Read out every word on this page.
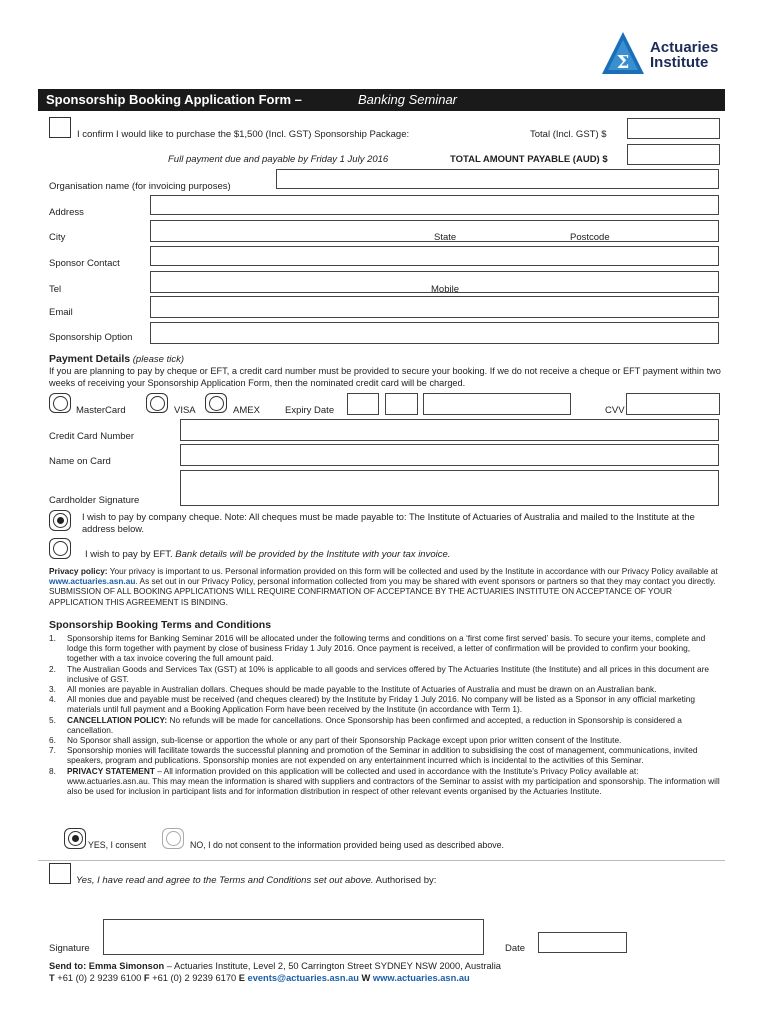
Σ
Actuaries
Institute
Sponsorship Booking Application Form –	Banking Seminar
I confirm I would like to purchase the $1,500 (Incl. GST) Sponsorship Package:	Total (Incl. GST) $
Full payment due and payable by Friday 1 July 2016	TOTAL AMOUNT PAYABLE (AUD) $
Organisation name (for invoicing purposes)
Address
City	State	Postcode
Sponsor Contact
Tel	Mobile
Email
Sponsorship Option
Payment Details (please tick)
If you are planning to pay by cheque or EFT, a credit card number must be provided to secure your booking. If we do not receive a cheque or EFT payment within two weeks of receiving your Sponsorship Application Form, then the nominated credit card will be charged.
MasterCard	VISA	AMEX	Expiry Date	CVV
Credit Card Number
Name on Card
Cardholder Signature
I wish to pay by company cheque. Note: All cheques must be made payable to: The Institute of Actuaries of Australia and mailed to the Institute at the address below.
I wish to pay by EFT. Bank details will be provided by the Institute with your tax invoice.
Privacy policy: Your privacy is important to us. Personal information provided on this form will be collected and used by the Institute in accordance with our Privacy Policy available at www.actuaries.asn.au. As set out in our Privacy Policy, personal information collected from you may be shared with event sponsors or partners so that they may contact you directly. SUBMISSION OF ALL BOOKING APPLICATIONS WILL REQUIRE CONFIRMATION OF ACCEPTANCE BY THE ACTUARIES INSTITUTE ON ACCEPTANCE OF YOUR APPLICATION THIS AGREEMENT IS BINDING.
Sponsorship Booking Terms and Conditions
1.	Sponsorship items for Banking Seminar 2016 will be allocated under the following terms and conditions on a ‘first come first served’ basis. To secure your items, complete and lodge this form together with payment by close of business Friday 1 July 2016. Once payment is received, a letter of confirmation will be provided to confirm your booking, together with a tax invoice covering the full amount paid.
2.	The Australian Goods and Services Tax (GST) at 10% is applicable to all goods and services offered by The Actuaries Institute (the Institute) and all prices in this document are inclusive of GST.
3.	All monies are payable in Australian dollars. Cheques should be made payable to the Institute of Actuaries of Australia and must be drawn on an Australian bank.
4.	All monies due and payable must be received (and cheques cleared) by the Institute by Friday 1 July 2016. No company will be listed as a Sponsor in any official marketing materials until full payment and a Booking Application Form have been received by the Institute (in accordance with Term 1).
5.	CANCELLATION POLICY: No refunds will be made for cancellations. Once Sponsorship has been confirmed and accepted, a reduction in Sponsorship is considered a cancellation.
6.	No Sponsor shall assign, sub-license or apportion the whole or any part of their Sponsorship Package except upon prior written consent of the Institute.
7.	Sponsorship monies will facilitate towards the successful planning and promotion of the Seminar in addition to subsidising the cost of management, communications, invited speakers, program and publications. Sponsorship monies are not expended on any entertainment incurred which is incidental to the activities of this Seminar.
8.	PRIVACY STATEMENT – All information provided on this application will be collected and used in accordance with the Institute’s Privacy Policy available at: www.actuaries.asn.au. This may mean the information is shared with suppliers and contractors of the Seminar to assist with my participation and sponsorship. The information will also be used for inclusion in participant lists and for information distribution in respect of other relevant events organised by the Actuaries Institute.
YES, I consent	NO, I do not consent to the information provided being used as described above.
Yes, I have read and agree to the Terms and Conditions set out above. Authorised by:
Signature	Date
Send to: Emma Simonson – Actuaries Institute, Level 2, 50 Carrington Street SYDNEY NSW 2000, Australia
T +61 (0) 2 9239 6100 F +61 (0) 2 9239 6170 E events@actuaries.asn.au W www.actuaries.asn.au
